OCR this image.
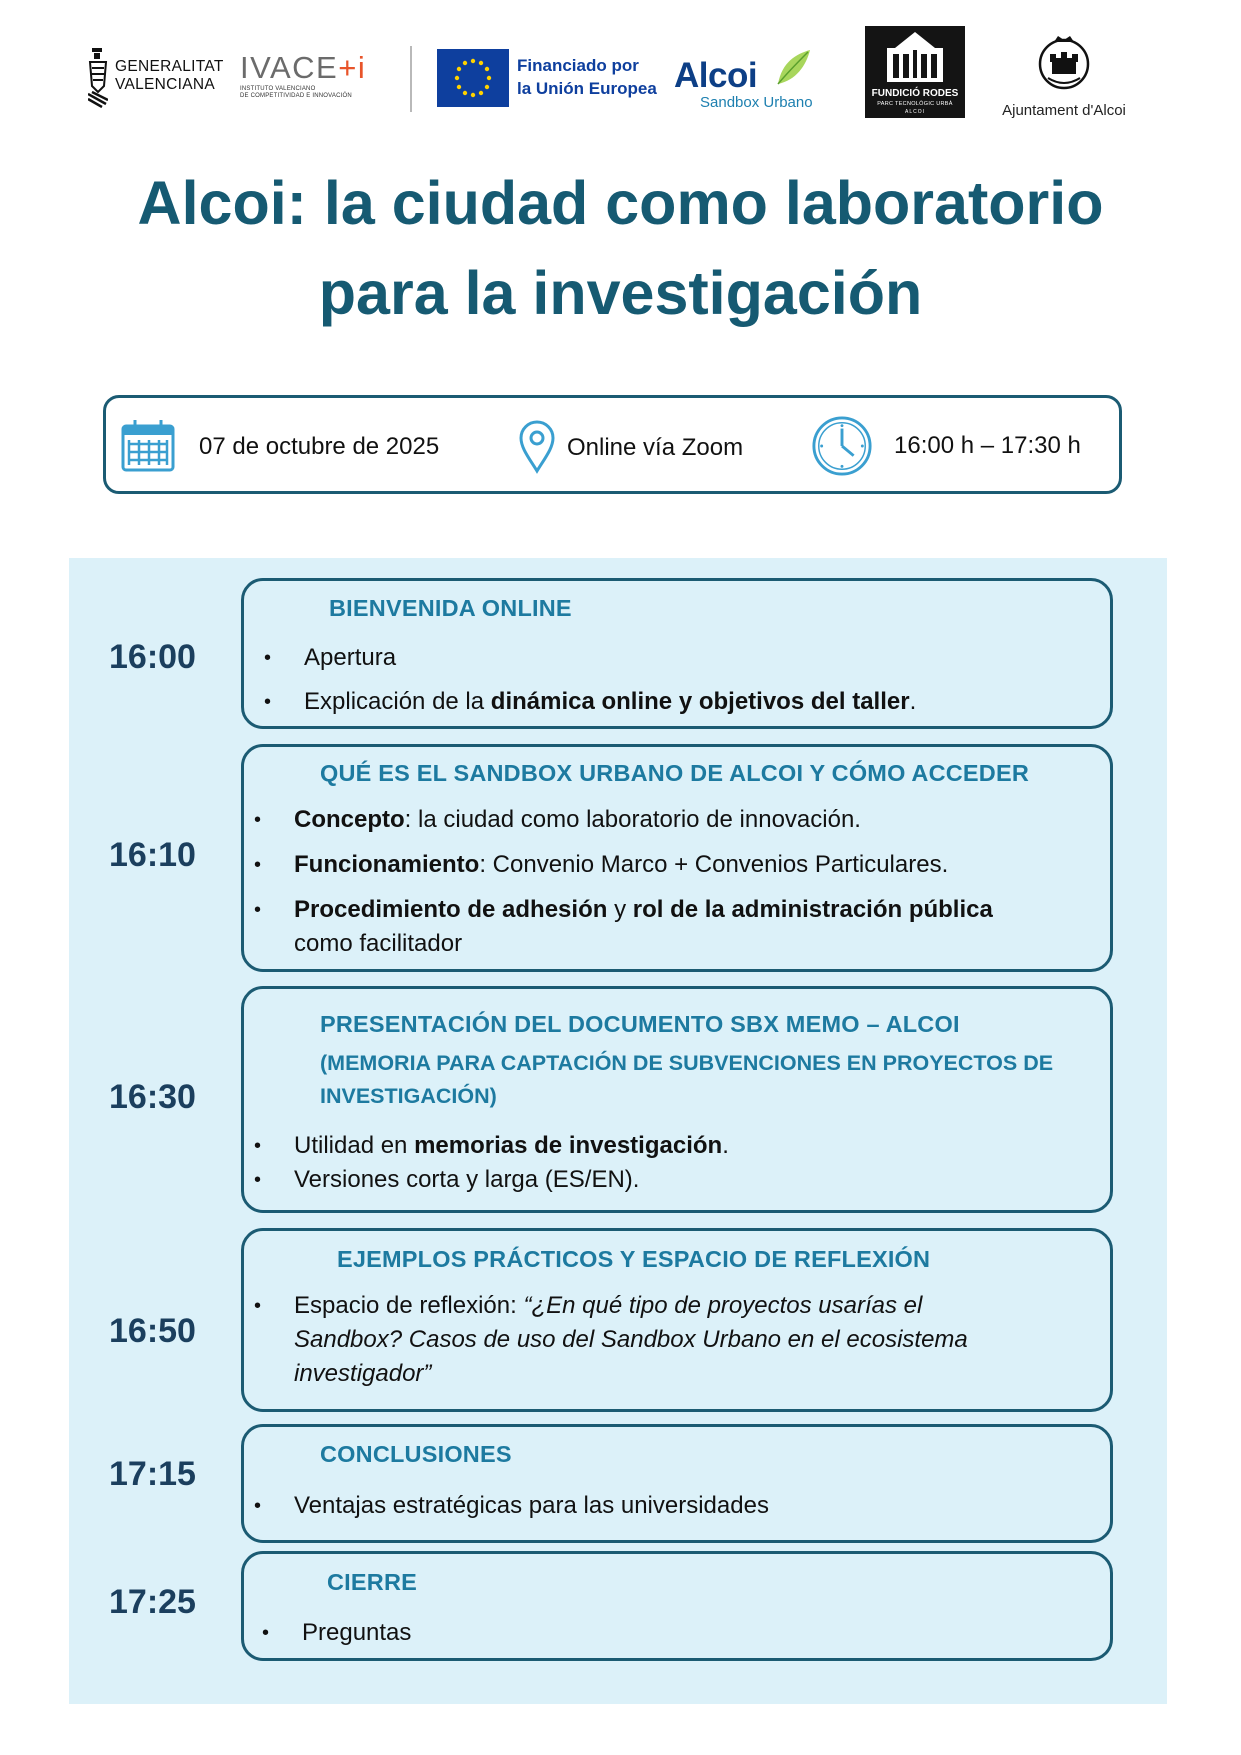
GENERALITAT
VALENCIANA IVACE+i
INSTITUTO VALENCIANO
DE COMPETITIVIDAD E INNOVACIÓN
Financiado por
la Unión Europea Alcoi
Sandbox Urbano
FUNDICIÓ RODES
PARC TECNOLÒGIC URBÀ
ALCOI	Ajuntament d'Alcoi
Alcoi: la ciudad como laboratorio
para la investigación
07 de octubre de 2025	Online vía Zoom	16:00 h – 17:30 h
16:00
BIENVENIDA ONLINE
•	Apertura
•	Explicación de la dinámica online y objetivos del taller.
16:10
QUÉ ES EL SANDBOX URBANO DE ALCOI Y CÓMO ACCEDER
•	Concepto: la ciudad como laboratorio de innovación.
•	Funcionamiento: Convenio Marco + Convenios Particulares.
•	Procedimiento de adhesión y rol de la administración pública
como facilitador
16:30
PRESENTACIÓN DEL DOCUMENTO SBX MEMO – ALCOI
(MEMORIA PARA CAPTACIÓN DE SUBVENCIONES EN PROYECTOS DE
INVESTIGACIÓN)
•	Utilidad en memorias de investigación.
•	Versiones corta y larga (ES/EN).
16:50
EJEMPLOS PRÁCTICOS Y ESPACIO DE REFLEXIÓN
•	Espacio de reflexión: “¿En qué tipo de proyectos usarías el
Sandbox? Casos de uso del Sandbox Urbano en el ecosistema
investigador”
17:15
CONCLUSIONES
•	Ventajas estratégicas para las universidades
17:25
CIERRE
•	Preguntas
